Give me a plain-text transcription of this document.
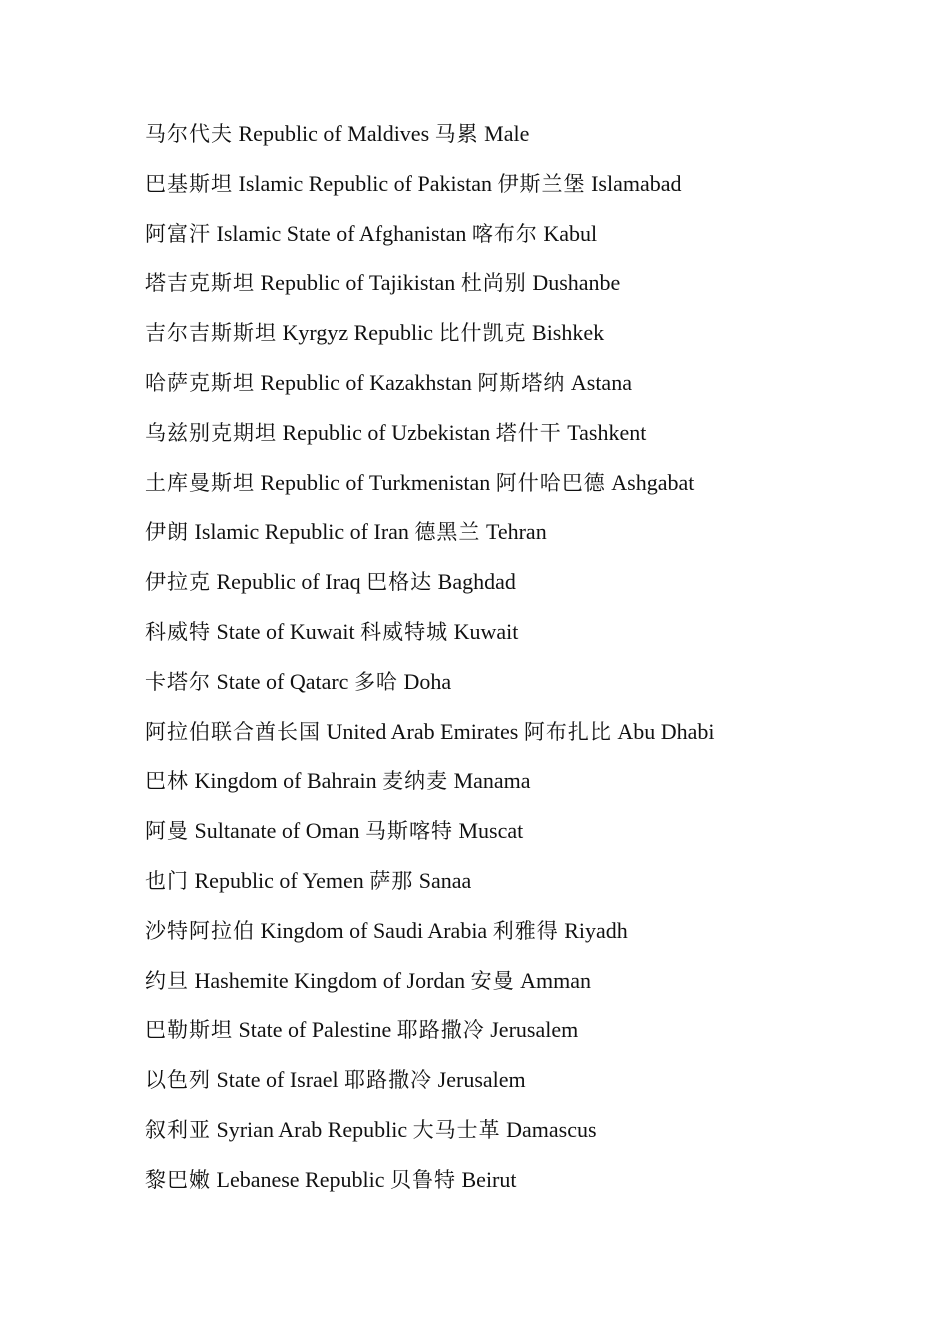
马尔代夫 Republic of Maldives 马累 Male
巴基斯坦 Islamic Republic of Pakistan 伊斯兰堡 Islamabad
阿富汗 Islamic State of Afghanistan 喀布尔 Kabul
塔吉克斯坦 Republic of Tajikistan 杜尚别 Dushanbe
吉尔吉斯斯坦 Kyrgyz Republic 比什凯克 Bishkek
哈萨克斯坦 Republic of Kazakhstan 阿斯塔纳 Astana
乌兹别克期坦 Republic of Uzbekistan 塔什干 Tashkent
土库曼斯坦 Republic of Turkmenistan 阿什哈巴德 Ashgabat
伊朗 Islamic Republic of Iran 德黑兰 Tehran
伊拉克 Republic of Iraq 巴格达 Baghdad
科威特 State of Kuwait 科威特城 Kuwait
卡塔尔 State of Qatarc 多哈 Doha
阿拉伯联合酋长国 United Arab Emirates 阿布扎比 Abu Dhabi
巴林 Kingdom of Bahrain 麦纳麦 Manama
阿曼 Sultanate of Oman 马斯喀特 Muscat
也门 Republic of Yemen 萨那 Sanaa
沙特阿拉伯 Kingdom of Saudi Arabia 利雅得 Riyadh
约旦 Hashemite Kingdom of Jordan 安曼 Amman
巴勒斯坦 State of Palestine 耶路撒冷 Jerusalem
以色列 State of Israel 耶路撒冷 Jerusalem
叙利亚 Syrian Arab Republic 大马士革 Damascus
黎巴嫩 Lebanese Republic 贝鲁特 Beirut
